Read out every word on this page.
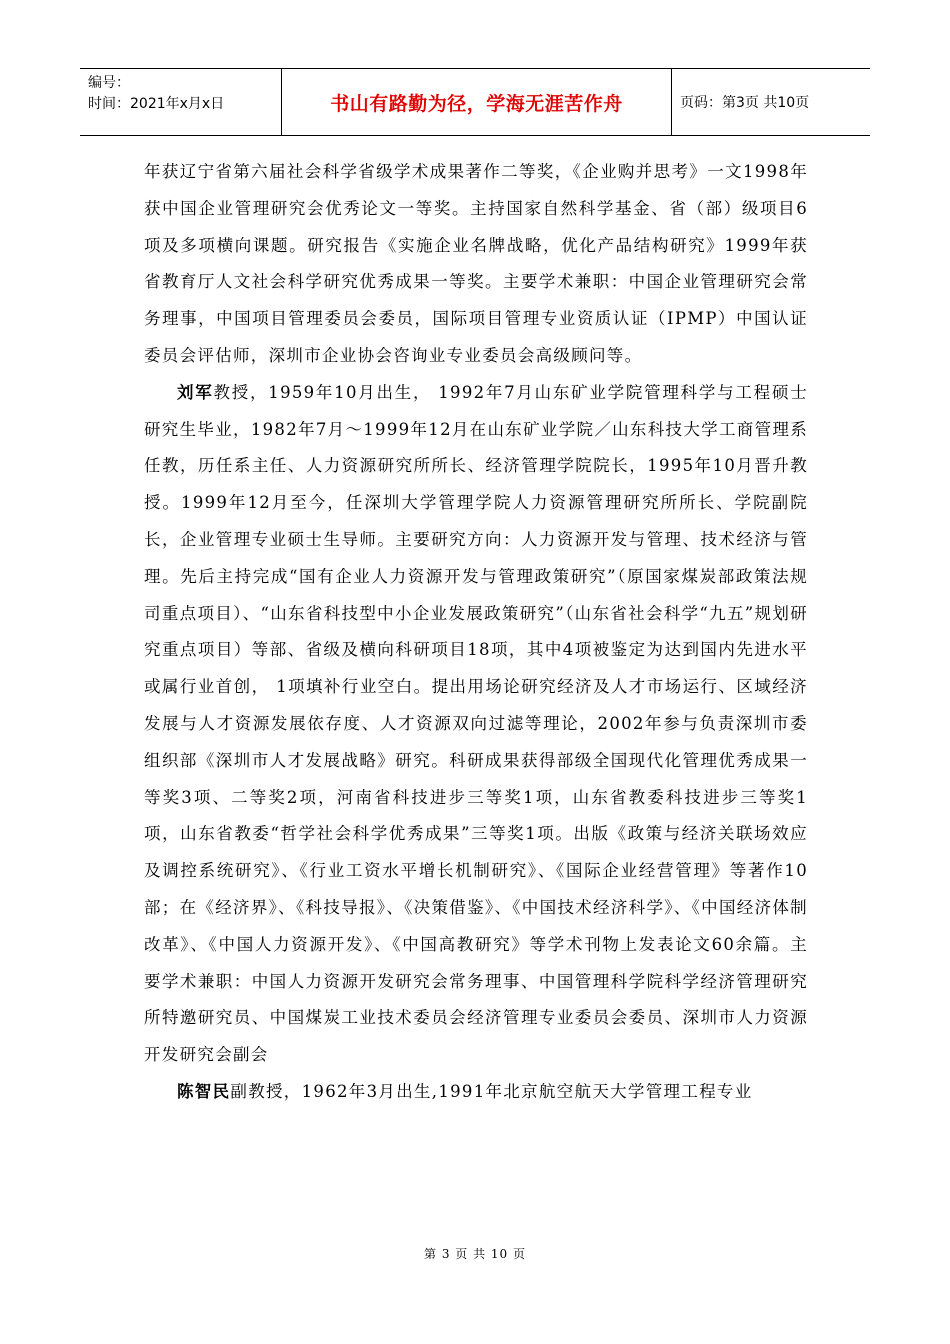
编号：
时间：2021年x月x日	书山有路勤为径，学海无涯苦作舟	页码：第3页 共10页

年获辽宁省第六届社会科学省级学术成果著作二等奖，《企业购并思考》一文1998年获中国企业管理研究会优秀论文一等奖。主持国家自然科学基金、省（部）级项目6项及多项横向课题。研究报告《实施企业名牌战略，优化产品结构研究》1999年获省教育厅人文社会科学研究优秀成果一等奖。主要学术兼职：中国企业管理研究会常务理事，中国项目管理委员会委员，国际项目管理专业资质认证（IPMP）中国认证委员会评估师，深圳市企业协会咨询业专业委员会高级顾问等。

刘军教授，1959年10月出生， 1992年7月山东矿业学院管理科学与工程硕士研究生毕业，1982年7月～1999年12月在山东矿业学院／山东科技大学工商管理系任教，历任系主任、人力资源研究所所长、经济管理学院院长，1995年10月晋升教授。1999年12月至今，任深圳大学管理学院人力资源管理研究所所长、学院副院长，企业管理专业硕士生导师。主要研究方向：人力资源开发与管理、技术经济与管理。先后主持完成“国有企业人力资源开发与管理政策研究”（原国家煤炭部政策法规司重点项目）、“山东省科技型中小企业发展政策研究”（山东省社会科学“九五”规划研究重点项目）等部、省级及横向科研项目18项，其中4项被鉴定为达到国内先进水平或属行业首创， 1项填补行业空白。提出用场论研究经济及人才市场运行、区域经济发展与人才资源发展依存度、人才资源双向过滤等理论，2002年参与负责深圳市委组织部《深圳市人才发展战略》研究。科研成果获得部级全国现代化管理优秀成果一等奖3项、二等奖2项，河南省科技进步三等奖1项，山东省教委科技进步三等奖1项，山东省教委“哲学社会科学优秀成果”三等奖1项。出版《政策与经济关联场效应及调控系统研究》、《行业工资水平增长机制研究》、《国际企业经营管理》等著作10部；在《经济界》、《科技导报》、《决策借鉴》、《中国技术经济科学》、《中国经济体制改革》、《中国人力资源开发》、《中国高教研究》等学术刊物上发表论文60余篇。主要学术兼职：中国人力资源开发研究会常务理事、中国管理科学院科学经济管理研究所特邀研究员、中国煤炭工业技术委员会经济管理专业委员会委员、深圳市人力资源开发研究会副会

陈智民副教授，1962年3月出生,1991年北京航空航天大学管理工程专业

第 3 页 共 10 页
